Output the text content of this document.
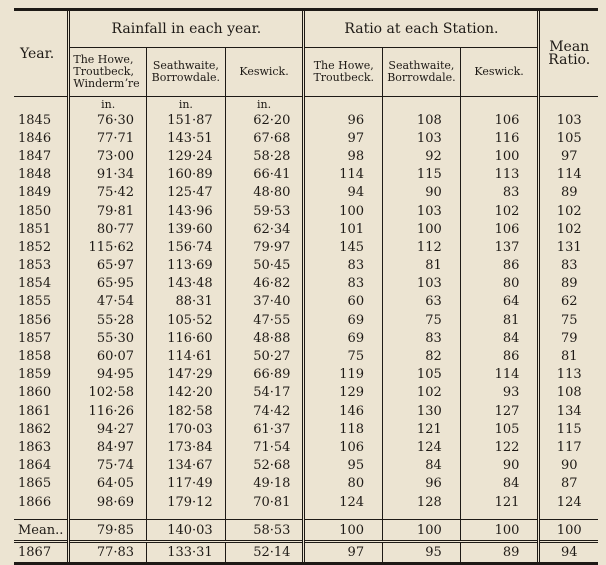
Year.	Rainfall in each year.			Ratio at each Station.			Mean Ratio.
	The Howe, Troutbeck, Windermʼre	Seathwaite, Borrowdale.	Keswick.	The Howe, Troutbeck.	Seathwaite, Borrowdale.	Keswick.	
	in.	in.	in.				
1845	76·30	151·87	62·20	96	108	106	103
1846	77·71	143·51	67·68	97	103	116	105
1847	73·00	129·24	58·28	98	92	100	97
1848	91·34	160·89	66·41	114	115	113	114
1849	75·42	125·47	48·80	94	90	83	89
1850	79·81	143·96	59·53	100	103	102	102
1851	80·77	139·60	62·34	101	100	106	102
1852	115·62	156·74	79·97	145	112	137	131
1853	65·97	113·69	50·45	83	81	86	83
1854	65·95	143·48	46·82	83	103	80	89
1855	47·54	88·31	37·40	60	63	64	62
1856	55·28	105·52	47·55	69	75	81	75
1857	55·30	116·60	48·88	69	83	84	79
1858	60·07	114·61	50·27	75	82	86	81
1859	94·95	147·29	66·89	119	105	114	113
1860	102·58	142·20	54·17	129	102	93	108
1861	116·26	182·58	74·42	146	130	127	134
1862	94·27	170·03	61·37	118	121	105	115
1863	84·97	173·84	71·54	106	124	122	117
1864	75·74	134·67	52·68	95	84	90	90
1865	64·05	117·49	49·18	80	96	84	87
1866	98·69	179·12	70·81	124	128	121	124

Mean..	79·85	140·03	58·53	100	100	100	100
1867	77·83	133·31	52·14	97	95	89	94
